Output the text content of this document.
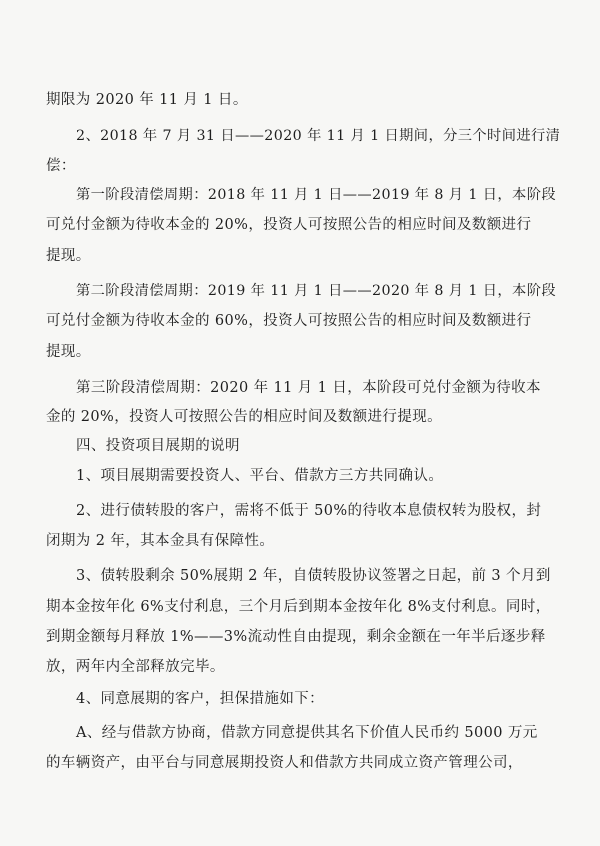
期限为 2020 年 11 月 1 日。
2、2018 年 7 月 31 日——2020 年 11 月 1 日期间，分三个时间进行清
偿：
第一阶段清偿周期：2018 年 11 月 1 日——2019 年 8 月 1 日，本阶段
可兑付金额为待收本金的 20%，投资人可按照公告的相应时间及数额进行
提现。
第二阶段清偿周期：2019 年 11 月 1 日——2020 年 8 月 1 日，本阶段
可兑付金额为待收本金的 60%，投资人可按照公告的相应时间及数额进行
提现。
第三阶段清偿周期：2020 年 11 月 1 日，本阶段可兑付金额为待收本
金的 20%，投资人可按照公告的相应时间及数额进行提现。
四、投资项目展期的说明
1、项目展期需要投资人、平台、借款方三方共同确认。
2、进行债转股的客户，需将不低于 50%的待收本息债权转为股权，封
闭期为 2 年，其本金具有保障性。
3、债转股剩余 50%展期 2 年，自债转股协议签署之日起，前 3 个月到
期本金按年化 6%支付利息，三个月后到期本金按年化 8%支付利息。同时，
到期金额每月释放 1%——3%流动性自由提现，剩余金额在一年半后逐步释
放，两年内全部释放完毕。
4、同意展期的客户，担保措施如下：
A、经与借款方协商，借款方同意提供其名下价值人民币约 5000 万元
的车辆资产，由平台与同意展期投资人和借款方共同成立资产管理公司，
